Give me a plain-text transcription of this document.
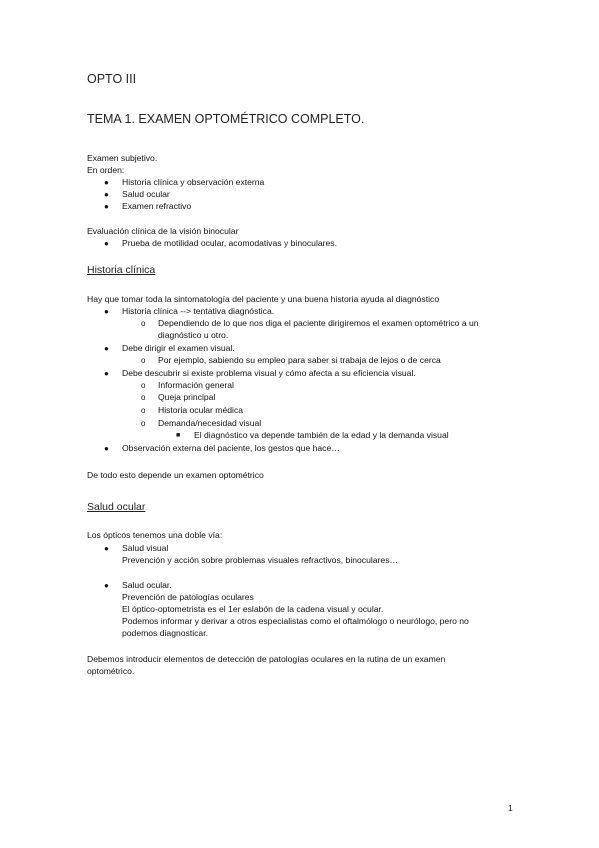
OPTO III

TEMA 1. EXAMEN OPTOMÉTRICO COMPLETO.

Examen subjetivo.

En orden:

● Historia clínica y observación externa

● Salud ocular

● Examen refractivo

Evaluación clínica de la visión binocular

● Prueba de motilidad ocular, acomodativas y binoculares.

Historia clínica

Hay que tomar toda la sintomatología del paciente y una buena historia ayuda al diagnóstico

● Historia clínica --> tentativa diagnóstica.

o Dependiendo de lo que nos diga el paciente dirigiremos el examen optométrico a un

diagnóstico u otro.

● Debe dirigir el examen visual.

o Por ejemplo, sabiendo su empleo para saber si trabaja de lejos o de cerca

● Debe descubrir si existe problema visual y cómo afecta a su eficiencia visual.

o Información general

o Queja principal

o Historia ocular médica

o Demanda/necesidad visual

■ El diagnóstico va depende también de la edad y la demanda visual

● Observación externa del paciente, los gestos que hace…

De todo esto depende un examen optométrico

Salud ocular

Los ópticos tenemos una doble vía:

● Salud visual

Prevención y acción sobre problemas visuales refractivos, binoculares…

● Salud ocular.

Prevención de patologías oculares

El óptico-optometrista es el 1er eslabón de la cadena visual y ocular.

Podemos informar y derivar a otros especialistas como el oftalmólogo o neurólogo, pero no

podemos diagnosticar.

Debemos introducir elementos de detección de patologías oculares en la rutina de un examen

optométrico.

1
